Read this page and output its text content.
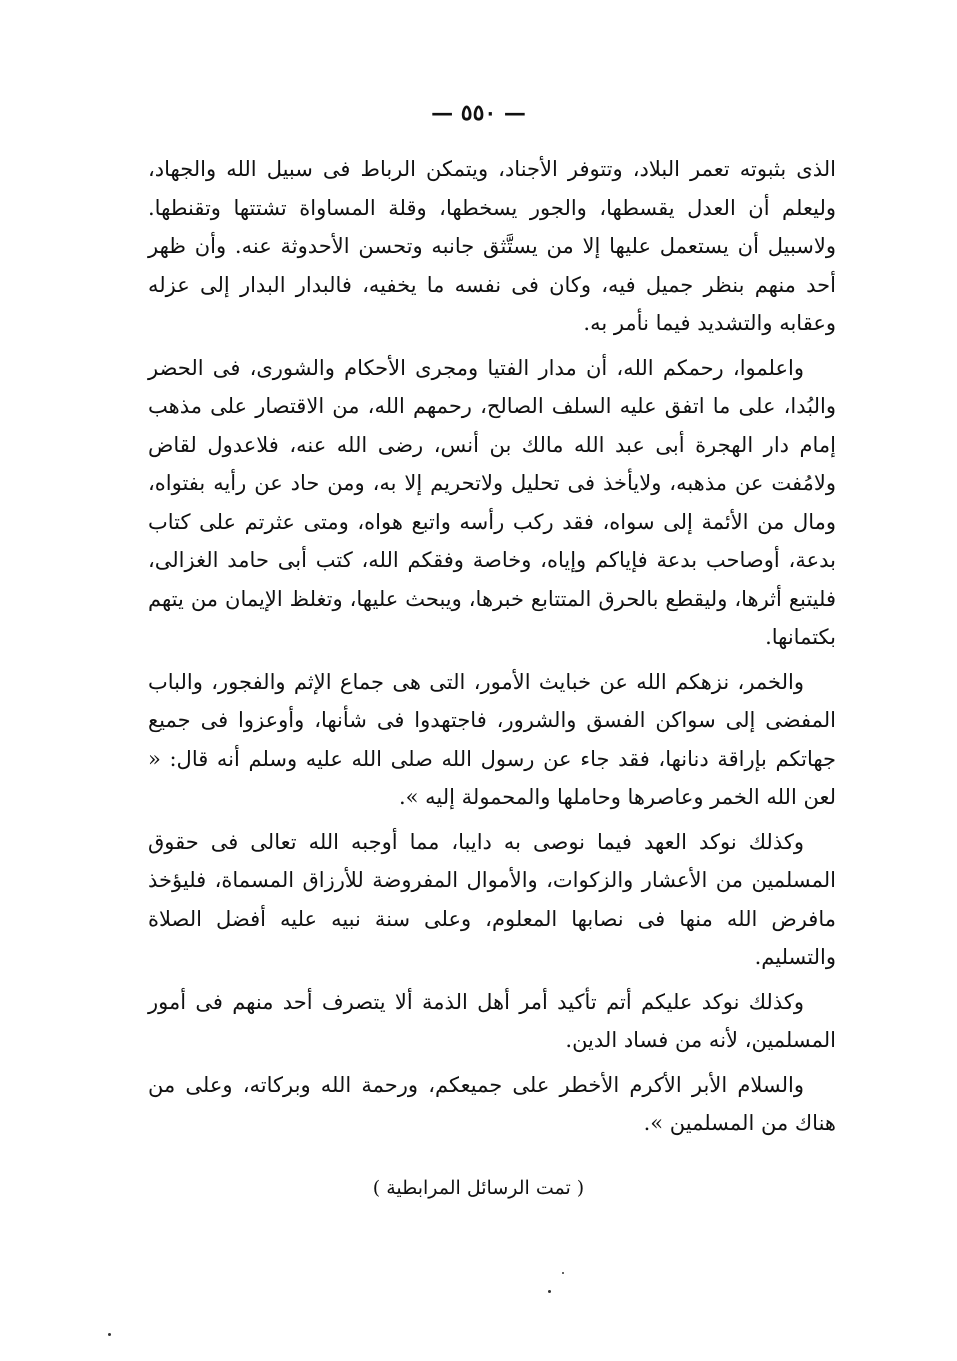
— ٥٥٠ —

الذى بثبوته تعمر البلاد، وتتوفر الأجناد، ويتمكن الرباط فى سبيل الله والجهاد، وليعلم أن العدل يقسطها، والجور يسخطها، وقلة المساواة تشتتها وتقنطها. ولاسبيل أن يستعمل عليها إلا من يستَّثق جانبه وتحسن الأحدوثة عنه. وأن ظهر أحد منهم بنظر جميل فيه، وكان فى نفسه ما يخفيه، فالبدار البدار إلى عزله وعقابه والتشديد فيما نأمر به.

واعلموا، رحمكم الله، أن مدار الفتيا ومجرى الأحكام والشورى، فى الحضر والبُدا، على ما اتفق عليه السلف الصالح، رحمهم الله، من الاقتصار على مذهب إمام دار الهجرة أبى عبد الله مالك بن أنس، رضى الله عنه، فلاعدول لقاض ولامُفت عن مذهبه، ولايأخذ فى تحليل ولاتحريم إلا به، ومن حاد عن رأيه بفتواه، ومال من الأئمة إلى سواه، فقد ركب رأسه واتبع هواه، ومتى عثرتم على كتاب بدعة، أوصاحب بدعة فإياكم وإياه، وخاصة وفقكم الله، كتب أبى حامد الغزالى، فليتبع أثرها، وليقطع بالحرق المتتابع خبرها، ويبحث عليها، وتغلظ الإيمان من يتهم بكتمانها.

والخمر، نزهكم الله عن خبايث الأمور، التى هى جماع الإثم والفجور، والباب المفضى إلى سواكن الفسق والشرور، فاجتهدوا فى شأنها، وأوعزوا فى جميع جهاتكم بإراقة دنانها، فقد جاء عن رسول الله صلى الله عليه وسلم أنه قال: « لعن الله الخمر وعاصرها وحاملها والمحمولة إليه ».

وكذلك نوكد العهد فيما نوصى به دايبا، مما أوجبه الله تعالى فى حقوق المسلمين من الأعشار والزكوات، والأموال المفروضة للأرزاق المسماة، فليؤخذ مافرض الله منها فى نصابها المعلوم، وعلى سنة نبيه عليه أفضل الصلاة والتسليم.

وكذلك نوكد عليكم أتم تأكيد أمر أهل الذمة ألا يتصرف أحد منهم فى أمور المسلمين، لأنه من فساد الدين.

والسلام الأبر الأكرم الأخطر على جميعكم، ورحمة الله وبركاته، وعلى من هناك من المسلمين ».

( تمت الرسائل المرابطية )
